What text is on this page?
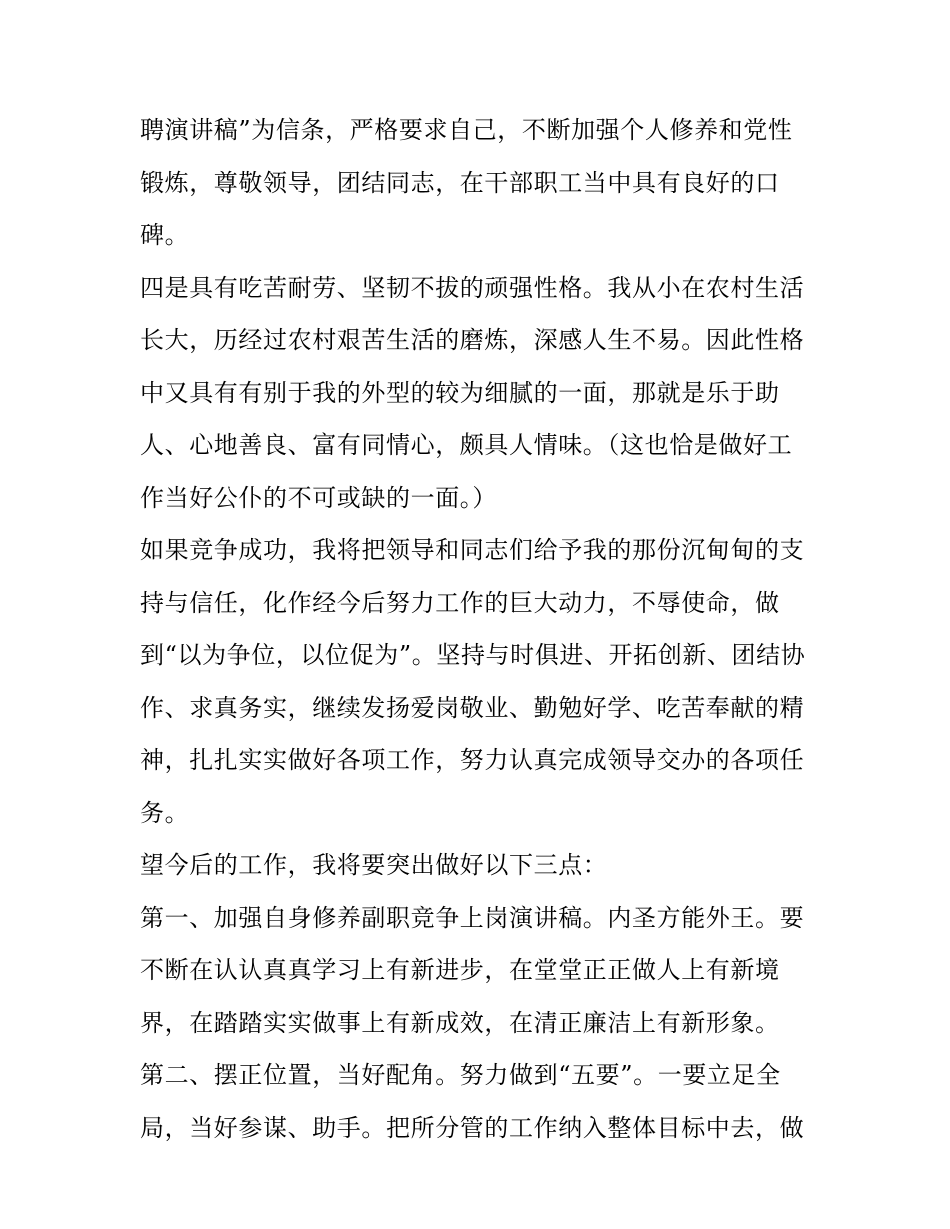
聘演讲稿”为信条，严格要求自己，不断加强个人修养和党性
锻炼，尊敬领导，团结同志，在干部职工当中具有良好的口
碑。
四是具有吃苦耐劳、坚韧不拔的顽强性格。我从小在农村生活
长大，历经过农村艰苦生活的磨炼，深感人生不易。因此性格
中又具有有别于我的外型的较为细腻的一面，那就是乐于助
人、心地善良、富有同情心，颇具人情味。（这也恰是做好工
作当好公仆的不可或缺的一面。）
如果竞争成功，我将把领导和同志们给予我的那份沉甸甸的支
持与信任，化作经今后努力工作的巨大动力，不辱使命，做
到“以为争位，以位促为”。坚持与时俱进、开拓创新、团结协
作、求真务实，继续发扬爱岗敬业、勤勉好学、吃苦奉献的精
神，扎扎实实做好各项工作，努力认真完成领导交办的各项任
务。
望今后的工作，我将要突出做好以下三点：
第一、加强自身修养副职竞争上岗演讲稿。内圣方能外王。要
不断在认认真真学习上有新进步，在堂堂正正做人上有新境
界，在踏踏实实做事上有新成效，在清正廉洁上有新形象。
第二、摆正位置，当好配角。努力做到“五要”。一要立足全
局，当好参谋、助手。把所分管的工作纳入整体目标中去，做
